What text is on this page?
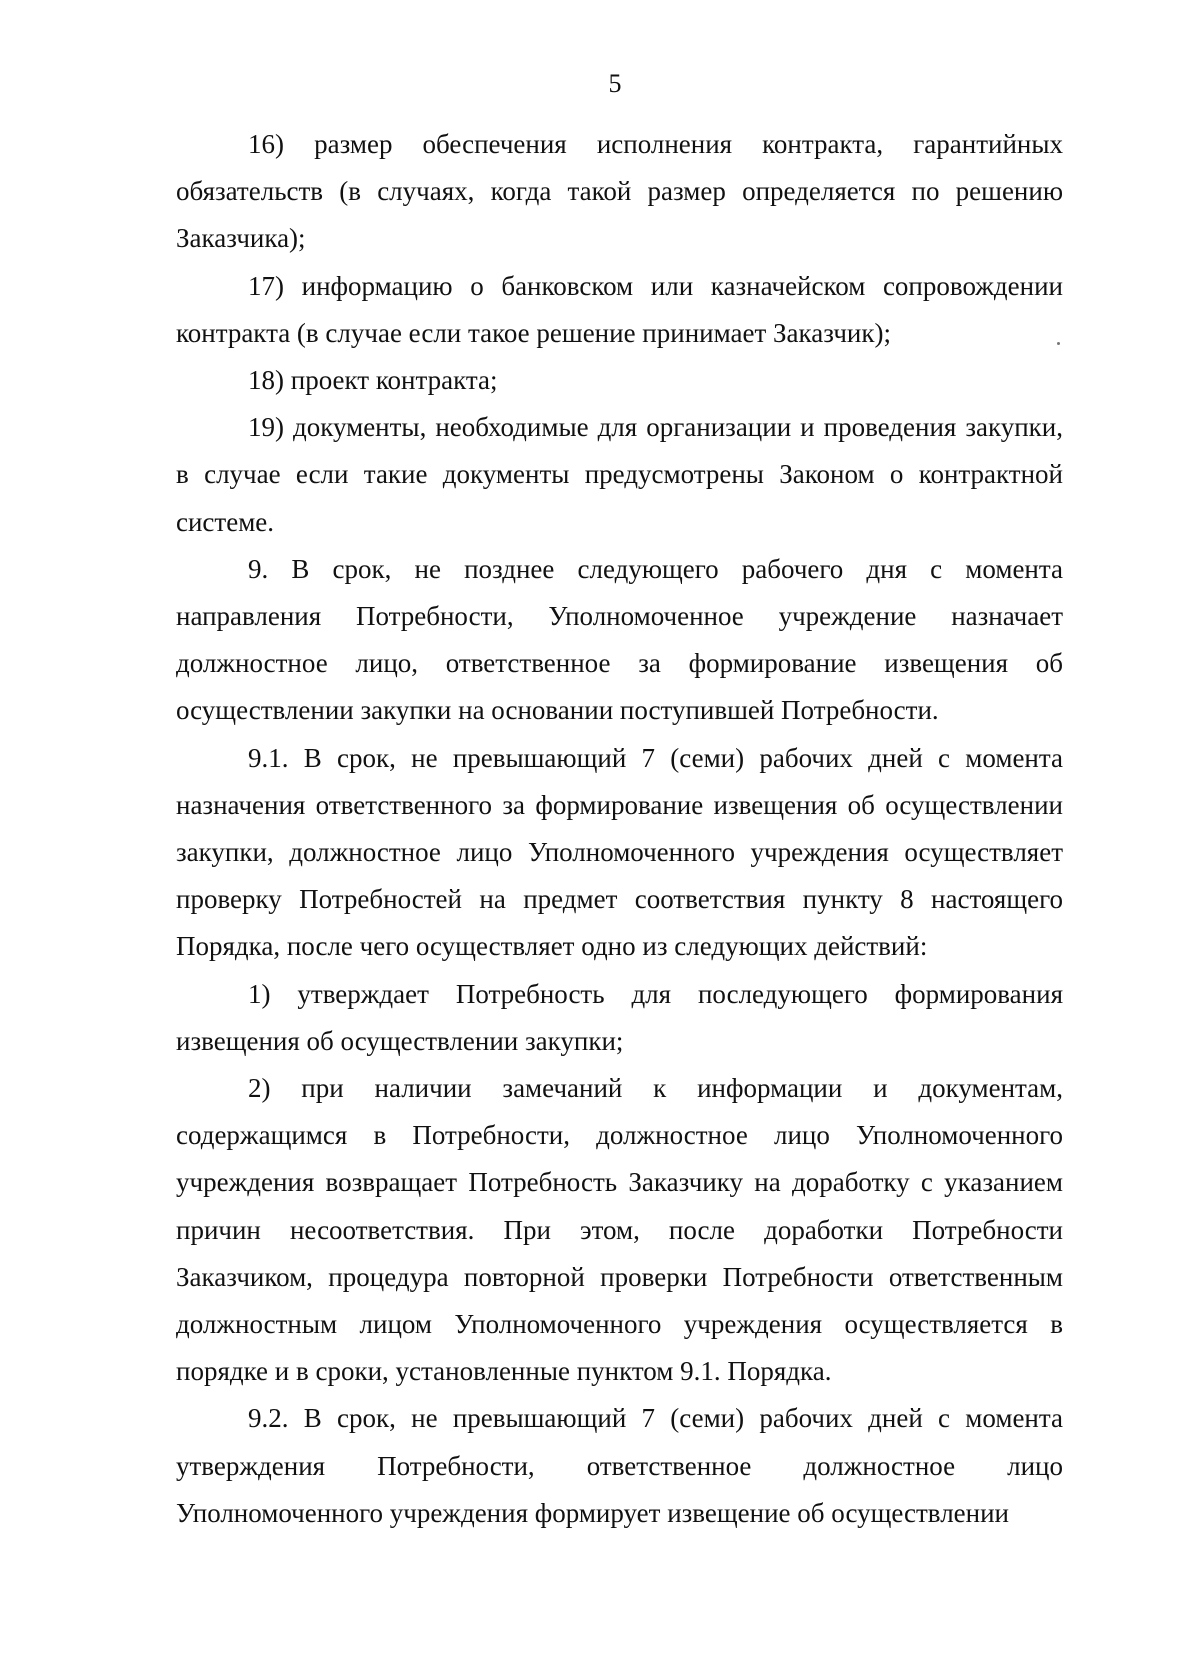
5

16) размер обеспечения исполнения контракта, гарантийных обязательств (в случаях, когда такой размер определяется по решению Заказчика);

17) информацию о банковском или казначейском сопровождении контракта (в случае если такое решение принимает Заказчик);

18) проект контракта;

19) документы, необходимые для организации и проведения закупки, в случае если такие документы предусмотрены Законом о контрактной системе.

9. В срок, не позднее следующего рабочего дня с момента направления Потребности, Уполномоченное учреждение назначает должностное лицо, ответственное за формирование извещения об осуществлении закупки на основании поступившей Потребности.

9.1. В срок, не превышающий 7 (семи) рабочих дней с момента назначения ответственного за формирование извещения об осуществлении закупки, должностное лицо Уполномоченного учреждения осуществляет проверку Потребностей на предмет соответствия пункту 8 настоящего Порядка, после чего осуществляет одно из следующих действий:

1) утверждает Потребность для последующего формирования извещения об осуществлении закупки;

2) при наличии замечаний к информации и документам, содержащимся в Потребности, должностное лицо Уполномоченного учреждения возвращает Потребность Заказчику на доработку с указанием причин несоответствия. При этом, после доработки Потребности Заказчиком, процедура повторной проверки Потребности ответственным должностным лицом Уполномоченного учреждения осуществляется в порядке и в сроки, установленные пунктом 9.1. Порядка.

9.2. В срок, не превышающий 7 (семи) рабочих дней с момента утверждения Потребности, ответственное должностное лицо Уполномоченного учреждения формирует извещение об осуществлении
